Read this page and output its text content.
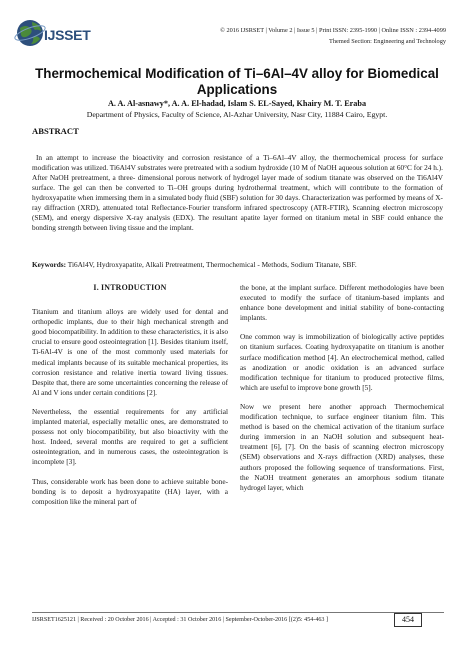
IJSSET	© 2016 IJSRSET | Volume 2 | Issue 5 | Print ISSN: 2395-1990 | Online ISSN : 2394-4099
Themed Section: Engineering and Technology
Thermochemical Modification of Ti–6Al–4V alloy for Biomedical Applications
A. A. Al-asnawy*, A. A. El-hadad, Islam S. EL-Sayed, Khairy M. T. Eraba
Department of Physics, Faculty of Science, Al-Azhar University, Nasr City, 11884 Cairo, Egypt.
ABSTRACT
In an attempt to increase the bioactivity and corrosion resistance of a Ti–6Al–4V alloy, the thermochemical process for surface modification was utilized. Ti6Al4V substrates were pretreated with a sodium hydroxide (10 M of NaOH aqueous solution at 60°C for 24 h.). After NaOH pretreatment, a three- dimensional porous network of hydrogel layer made of sodium titanate was observed on the Ti6Al4V surface. The gel can then be converted to Ti–OH groups during hydrothermal treatment, which will contribute to the formation of hydroxyapatite when immersing them in a simulated body fluid (SBF) solution for 30 days. Characterization was performed by means of X-ray diffraction (XRD), attenuated total Reflectance-Fourier transform infrared spectroscopy (ATR-FTIR), Scanning electron microscopy (SEM), and energy dispersive X-ray analysis (EDX). The resultant apatite layer formed on titanium metal in SBF could enhance the bonding strength between living tissue and the implant.
Keywords: Ti6Al4V, Hydroxyapatite, Alkali Pretreatment, Thermochemical - Methods, Sodium Titanate, SBF.
I. INTRODUCTION

Titanium and titanium alloys are widely used for dental and orthopedic implants, due to their high mechanical strength and good biocompatibility. In addition to these characteristics, it is also crucial to ensure good osteointegration [1]. Besides titanium itself, Ti-6Al-4V is one of the most commonly used materials for medical implants because of its suitable mechanical properties, its corrosion resistance and relative inertia toward living tissues. Despite that, there are some uncertainties concerning the release of Al and V ions under certain conditions [2].

Nevertheless, the essential requirements for any artificial implanted material, especially metallic ones, are demonstrated to possess not only biocompatibility, but also bioactivity with the host. Indeed, several months are required to get a sufficient osteointegration, and in numerous cases, the osteointegration is incomplete [3].

Thus, considerable work has been done to achieve suitable bone-bonding is to deposit a hydroxyapatite (HA) layer, with a composition like the mineral part of

the bone, at the implant surface. Different methodologies have been executed to modify the surface of titanium-based implants and enhance bone development and initial stability of bone-contacting implants.

One common way is immobilization of biologically active peptides on titanium surfaces. Coating hydroxyapatite on titanium is another surface modification method [4]. An electrochemical method, called as anodization or anodic oxidation is an advanced surface modification technique for titanium to produced protective films, which are useful to improve bone growth [5].

Now we present here another approach Thermochemical modification technique, to surface engineer titanium film. This method is based on the chemical activation of the titanium surface during immersion in an NaOH solution and subsequent heat-treatment [6], [7]. On the basis of scanning electron microscopy (SEM) observations and X-rays diffraction (XRD) analyses, these authors proposed the following sequence of transformations. First, the NaOH treatment generates an amorphous sodium titanate hydrogel layer, which

IJSRSET1625121 | Received : 20 October 2016 | Accepted : 31 October 2016 | September-October-2016 [(2)5: 454-463 ]	454
